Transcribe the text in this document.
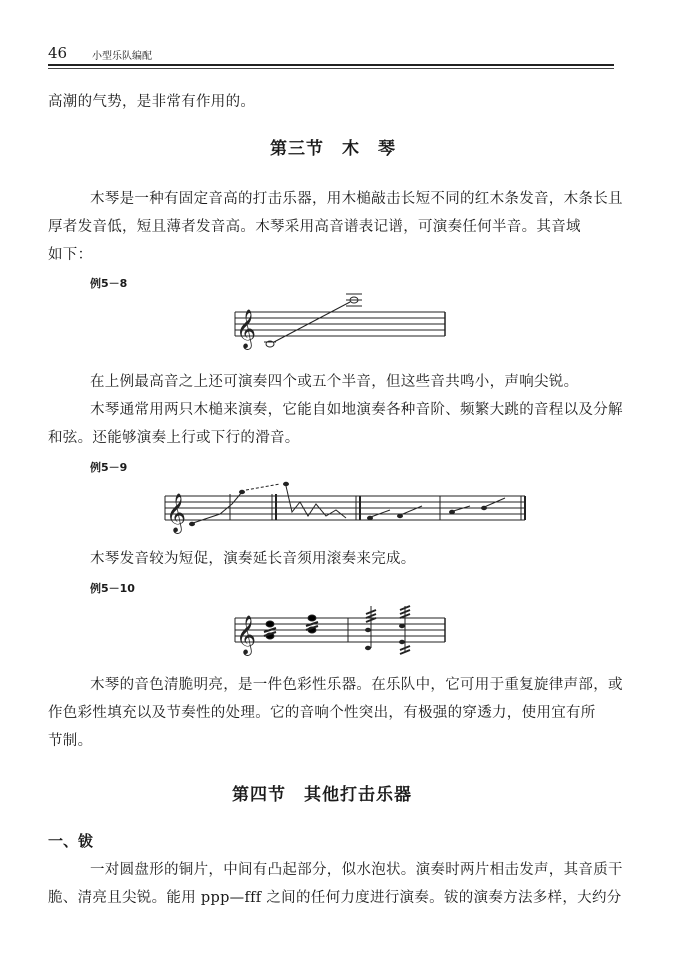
46 小型乐队编配
高潮的气势，是非常有作用的。
第三节　木　琴
木琴是一种有固定音高的打击乐器，用木槌敲击长短不同的红木条发音，木条长且
厚者发音低，短且薄者发音高。木琴采用高音谱表记谱，可演奏任何半音。其音域
如下：
例5－8
𝄞
在上例最高音之上还可演奏四个或五个半音，但这些音共鸣小，声响尖锐。
木琴通常用两只木槌来演奏，它能自如地演奏各种音阶、频繁大跳的音程以及分解
和弦。还能够演奏上行或下行的滑音。
例5－9
𝄞
木琴发音较为短促，演奏延长音须用滚奏来完成。
例5－10
𝄞
木琴的音色清脆明亮，是一件色彩性乐器。在乐队中，它可用于重复旋律声部，或
作色彩性填充以及节奏性的处理。它的音响个性突出，有极强的穿透力，使用宜有所
节制。
第四节　其他打击乐器
一、钹
一对圆盘形的铜片，中间有凸起部分，似水泡状。演奏时两片相击发声，其音质干
脆、清亮且尖锐。能用 ppp—fff 之间的任何力度进行演奏。钹的演奏方法多样，大约分
